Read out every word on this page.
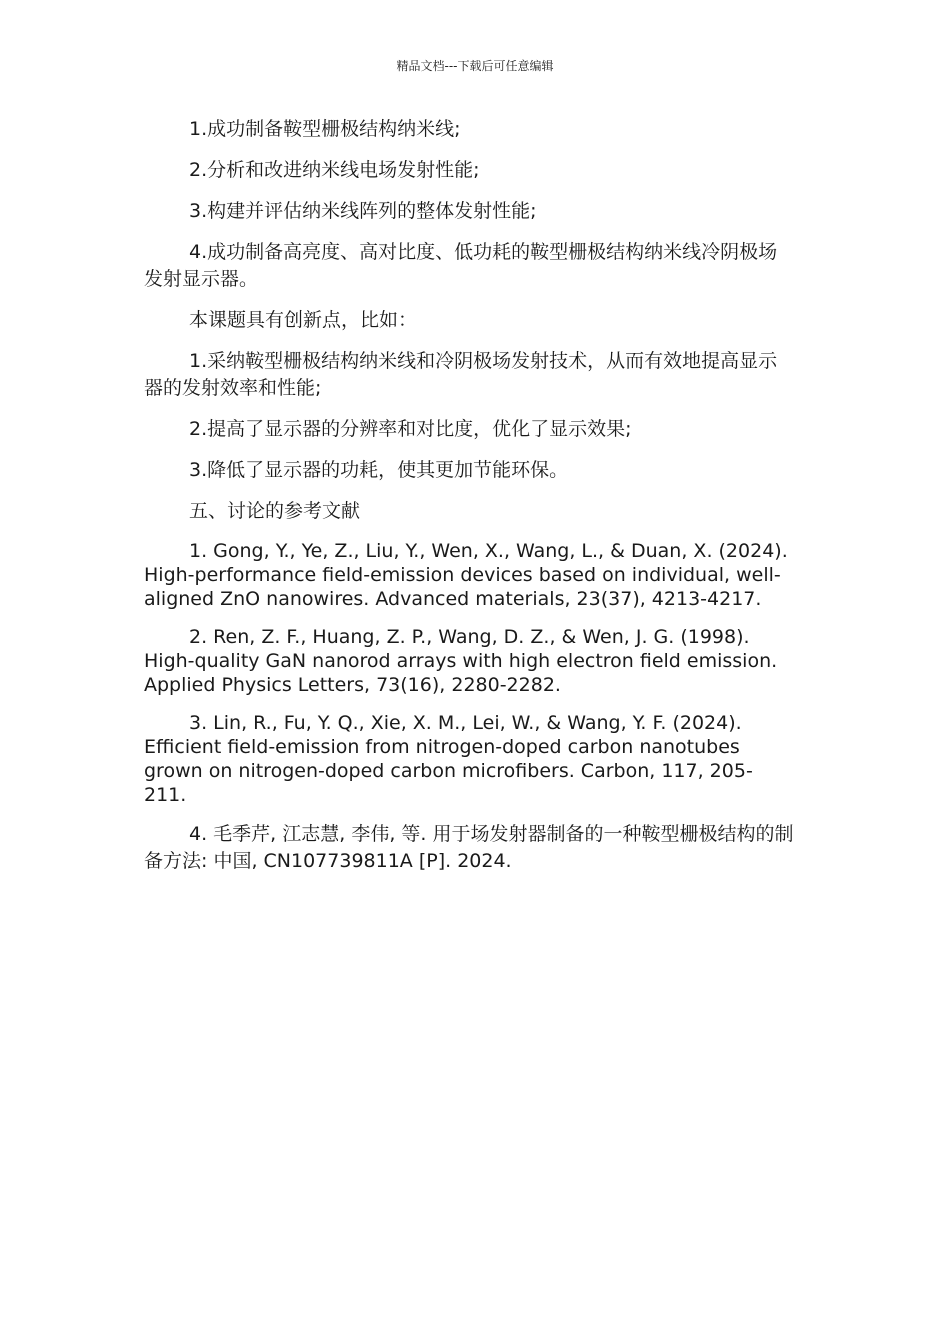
精品文档---下载后可任意编辑

1.成功制备鞍型栅极结构纳米线;

2.分析和改进纳米线电场发射性能;

3.构建并评估纳米线阵列的整体发射性能;

4.成功制备高亮度、高对比度、低功耗的鞍型栅极结构纳米线冷阴极场发射显示器。

本课题具有创新点，比如：

1.采纳鞍型栅极结构纳米线和冷阴极场发射技术，从而有效地提高显示器的发射效率和性能;

2.提高了显示器的分辨率和对比度，优化了显示效果;

3.降低了显示器的功耗，使其更加节能环保。

五、讨论的参考文献

1. Gong, Y., Ye, Z., Liu, Y., Wen, X., Wang, L., & Duan, X. (2024). High-performance field-emission devices based on individual, well-aligned ZnO nanowires. Advanced materials, 23(37), 4213-4217.

2. Ren, Z. F., Huang, Z. P., Wang, D. Z., & Wen, J. G. (1998). High-quality GaN nanorod arrays with high electron field emission. Applied Physics Letters, 73(16), 2280-2282.

3. Lin, R., Fu, Y. Q., Xie, X. M., Lei, W., & Wang, Y. F. (2024). Efficient field-emission from nitrogen-doped carbon nanotubes grown on nitrogen-doped carbon microfibers. Carbon, 117, 205-211.

4. 毛季芹, 江志慧, 李伟, 等. 用于场发射器制备的一种鞍型栅极结构的制备方法: 中国, CN107739811A [P]. 2024.
